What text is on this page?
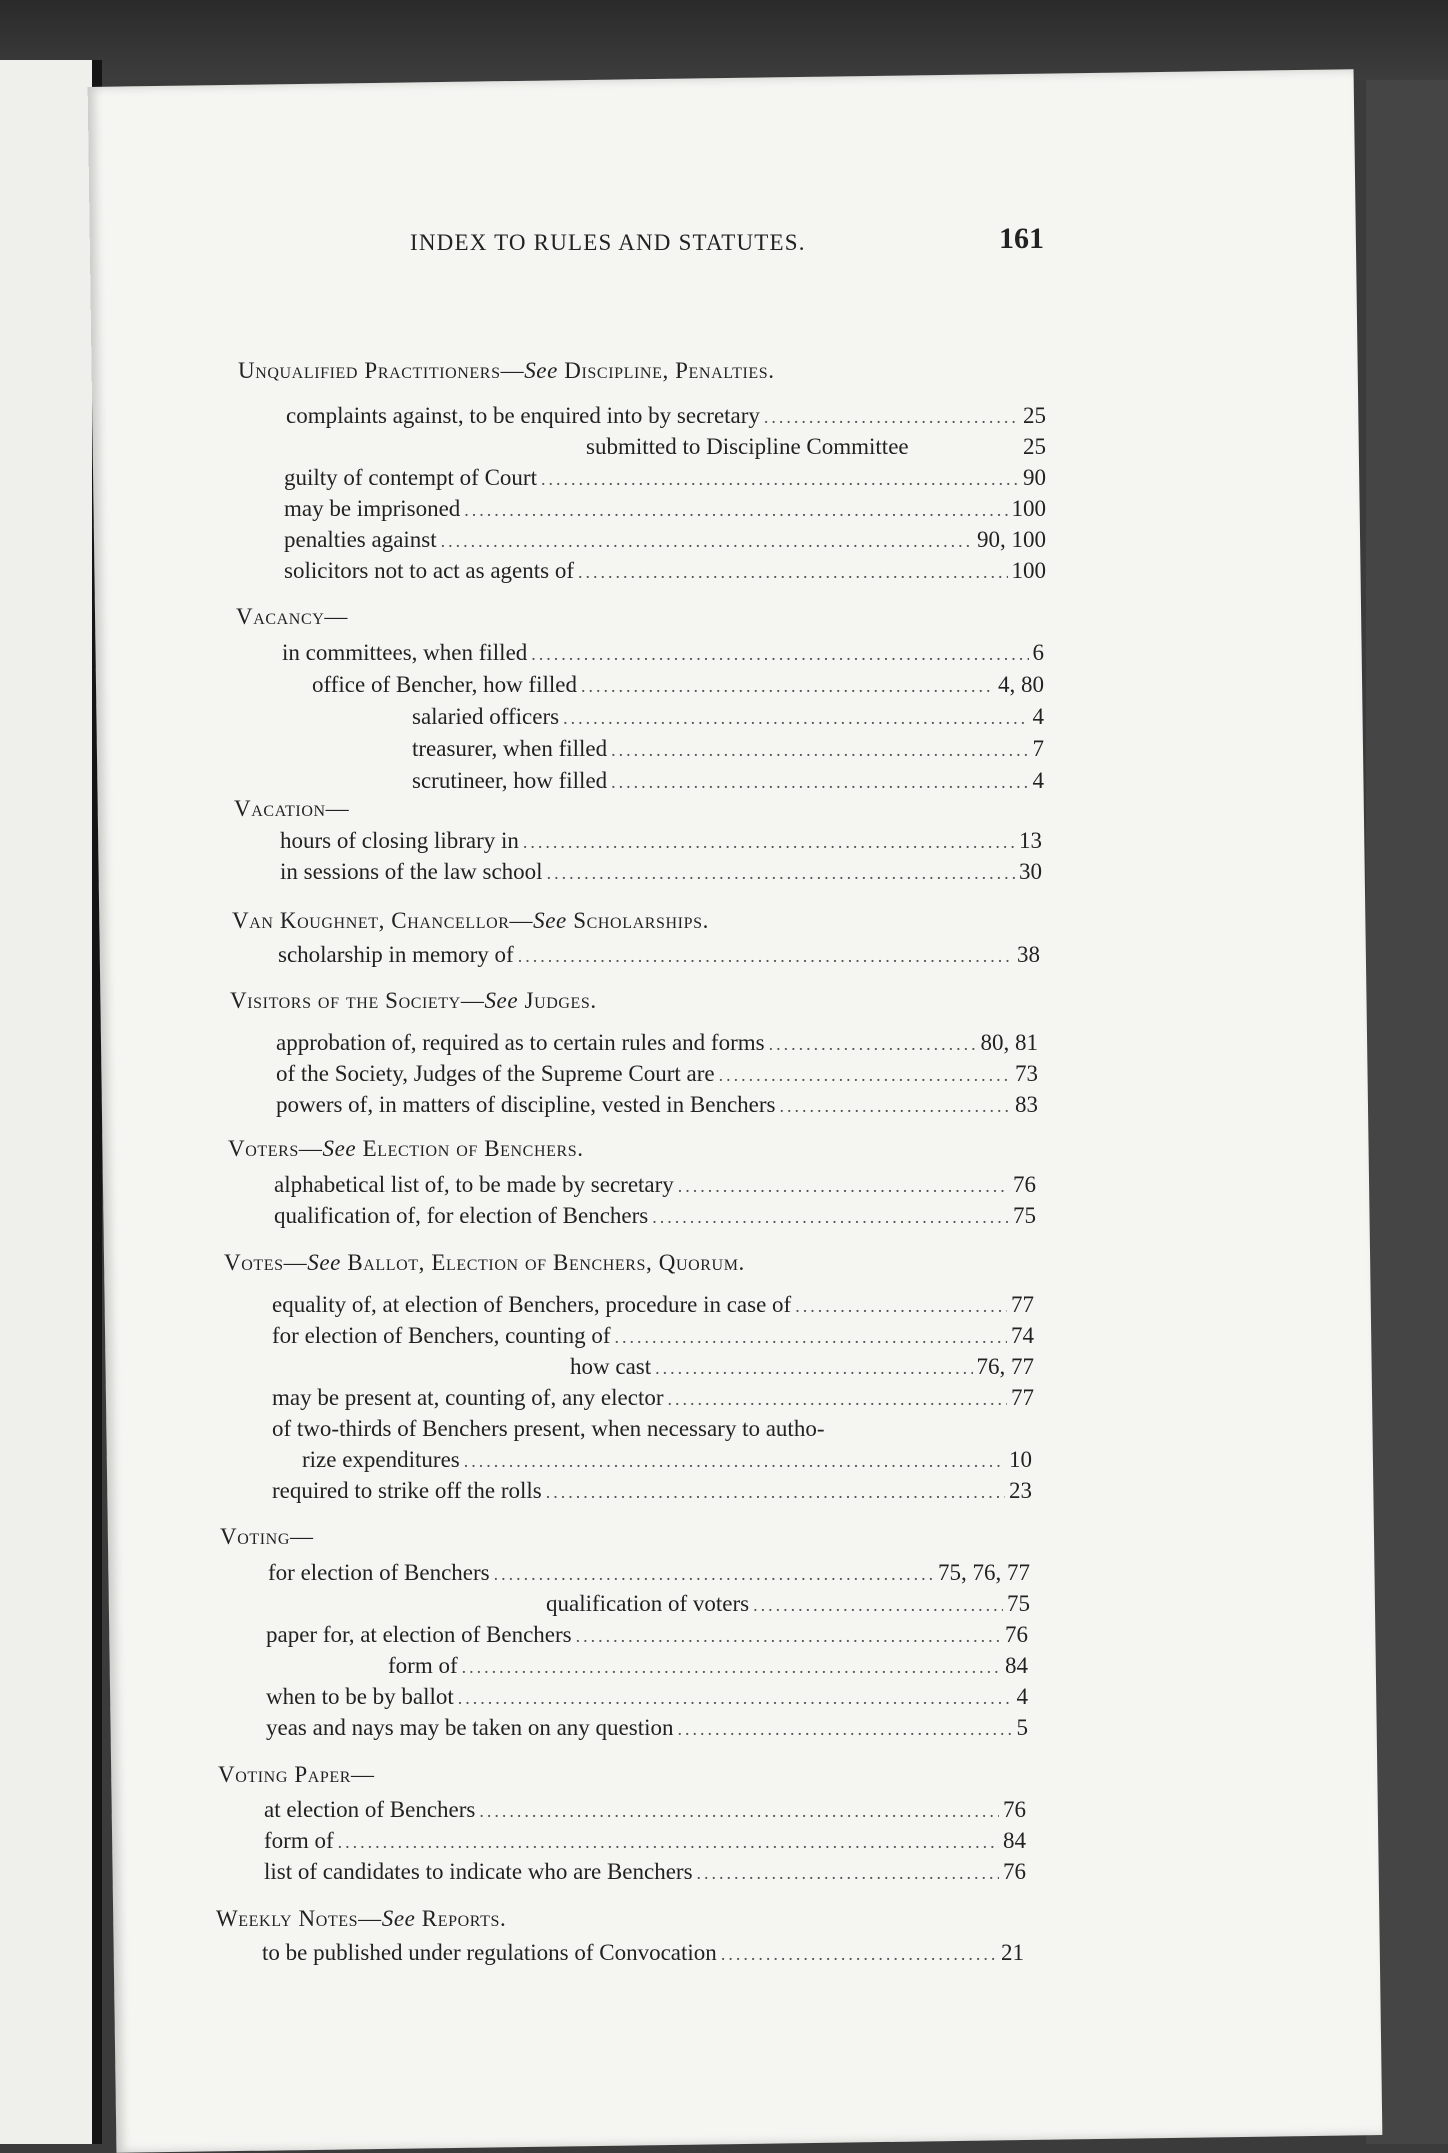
INDEX TO RULES AND STATUTES.	161
Unqualified Practitioners—See Discipline, Penalties.
complaints against, to be enquired into by secretary .....	25
submitted to Discipline Committee	25
guilty of contempt of Court .....	90
may be imprisoned .....	100
penalties against .....	90, 100
solicitors not to act as agents of .....	100
Vacancy—
in committees, when filled .....	6
office of Bencher, how filled .....	4, 80
salaried officers .....	4
treasurer, when filled .....	7
scrutineer, how filled .....	4
Vacation—
hours of closing library in .....	13
in sessions of the law school .....	30
Van Koughnet, Chancellor—See Scholarships.
scholarship in memory of .....	38
Visitors of the Society—See Judges.
approbation of, required as to certain rules and forms .....	80, 81
of the Society, Judges of the Supreme Court are .....	73
powers of, in matters of discipline, vested in Benchers .....	83
Voters—See Election of Benchers.
alphabetical list of, to be made by secretary .....	76
qualification of, for election of Benchers .....	75
Votes—See Ballot, Election of Benchers, Quorum.
equality of, at election of Benchers, procedure in case of .....	77
for election of Benchers, counting of .....	74
how cast .....	76, 77
may be present at, counting of, any elector .....	77
of two-thirds of Benchers present, when necessary to autho-
rize expenditures .....	10
required to strike off the rolls .....	23
Voting—
for election of Benchers .....	75, 76, 77
qualification of voters .....	75
paper for, at election of Benchers .....	76
form of .....	84
when to be by ballot .....	4
yeas and nays may be taken on any question .....	5
Voting Paper—
at election of Benchers .....	76
form of .....	84
list of candidates to indicate who are Benchers .....	76
Weekly Notes—See Reports.
to be published under regulations of Convocation .....	21
